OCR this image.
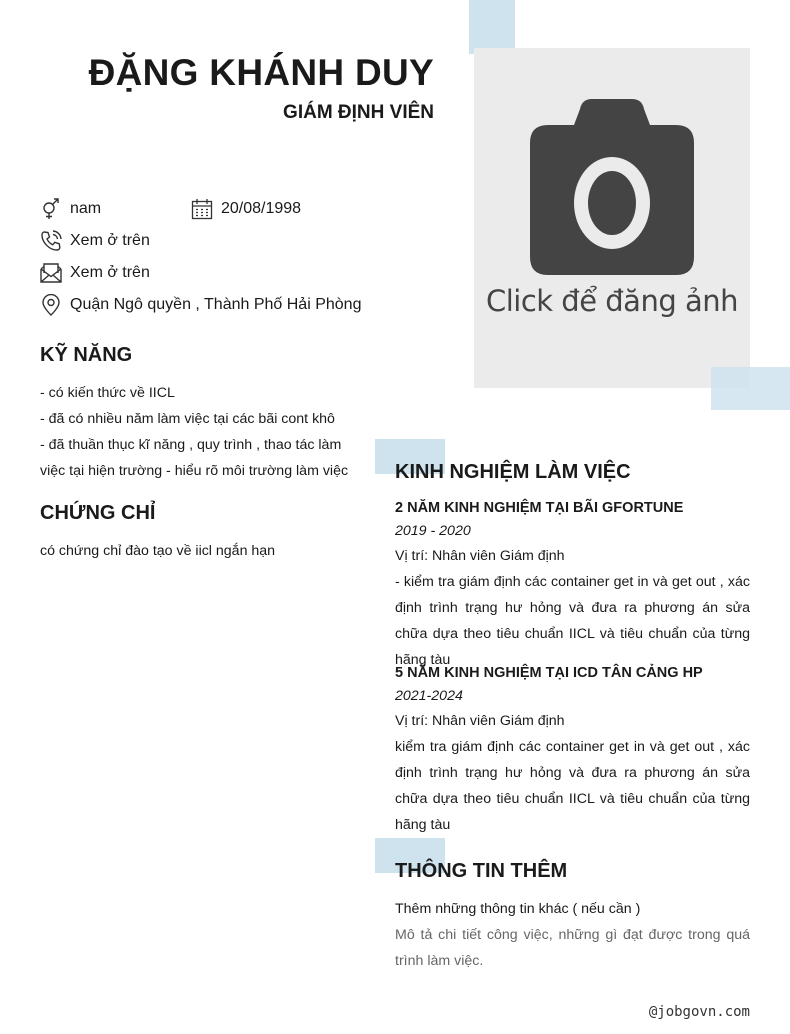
ĐẶNG KHÁNH DUY
GIÁM ĐỊNH VIÊN
Click để đăng ảnh
nam	20/08/1998
Xem ở trên
Xem ở trên
Quận Ngô quyền , Thành Phố Hải Phòng
KỸ NĂNG
- có kiến thức về IICL
- đã có nhiều năm làm việc tại các bãi cont khô
- đã thuần thục kĩ năng , quy trình , thao tác làm
việc tại hiện trường - hiểu rõ môi trường làm việc
CHỨNG CHỈ
có chứng chỉ đào tạo về iicl ngắn hạn
KINH NGHIỆM LÀM VIỆC
2 NĂM KINH NGHIỆM TẠI BÃI GFORTUNE
2019 - 2020
Vị trí: Nhân viên Giám định
- kiểm tra giám định các container get in và get out , xác định trình trạng hư hỏng và đưa ra phương án sửa chữa dựa theo tiêu chuẩn IICL và tiêu chuẩn của từng hãng tàu
5 NĂM KINH NGHIỆM TẠI ICD TÂN CẢNG HP
2021-2024
Vị trí: Nhân viên Giám định
kiểm tra giám định các container get in và get out , xác định trình trạng hư hỏng và đưa ra phương án sửa chữa dựa theo tiêu chuẩn IICL và tiêu chuẩn của từng hãng tàu
THÔNG TIN THÊM
Thêm những thông tin khác ( nếu cần )
Mô tả chi tiết công việc, những gì đạt được trong quá trình làm việc.
@jobgovn.com
